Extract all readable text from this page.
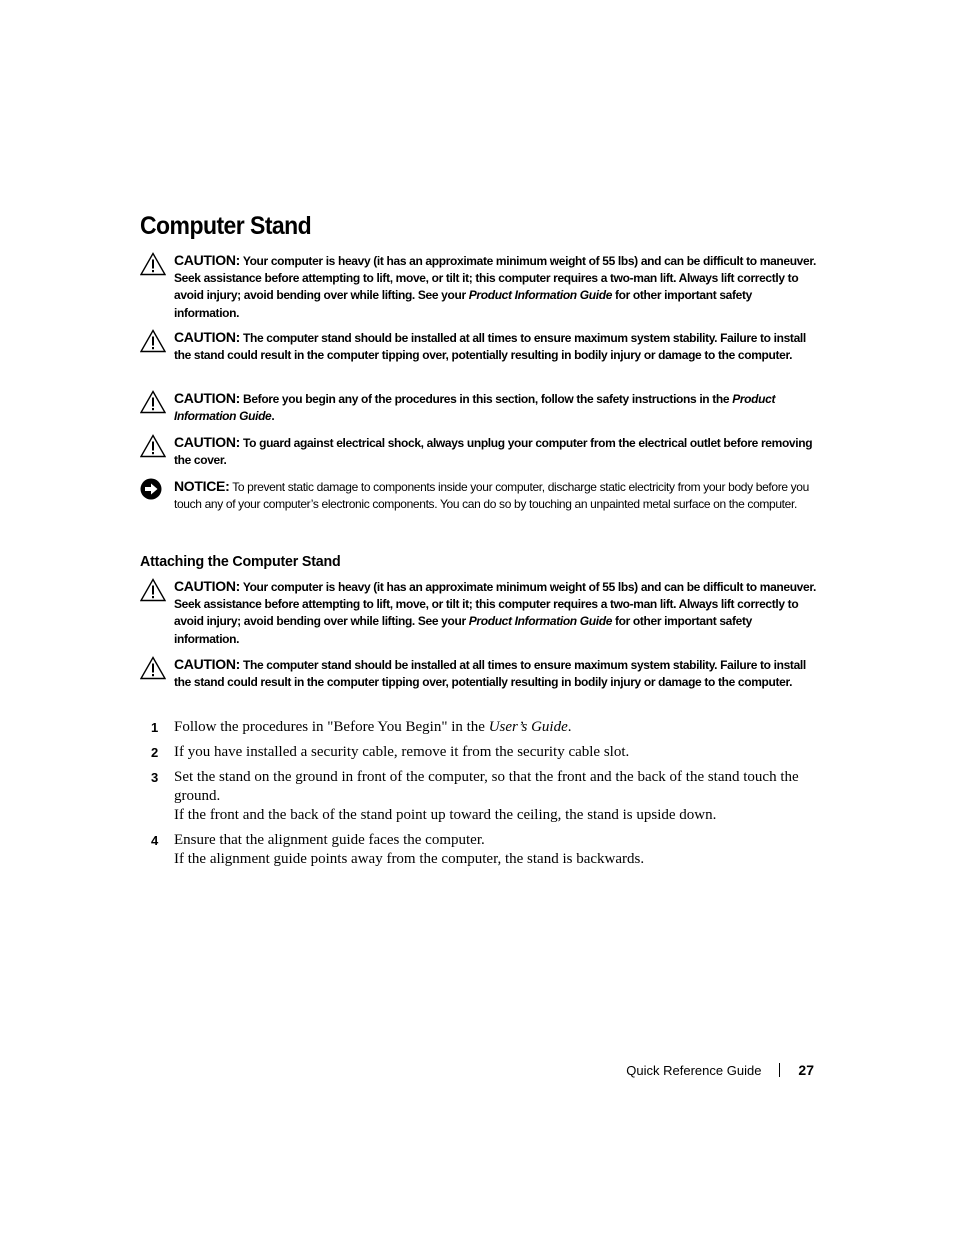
Computer Stand
CAUTION: Your computer is heavy (it has an approximate minimum weight of 55 lbs) and can be difficult to maneuver. Seek assistance before attempting to lift, move, or tilt it; this computer requires a two-man lift. Always lift correctly to avoid injury; avoid bending over while lifting. See your Product Information Guide for other important safety information.
CAUTION: The computer stand should be installed at all times to ensure maximum system stability. Failure to install the stand could result in the computer tipping over, potentially resulting in bodily injury or damage to the computer.
CAUTION: Before you begin any of the procedures in this section, follow the safety instructions in the Product Information Guide.
CAUTION: To guard against electrical shock, always unplug your computer from the electrical outlet before removing the cover.
NOTICE: To prevent static damage to components inside your computer, discharge static electricity from your body before you touch any of your computer’s electronic components. You can do so by touching an unpainted metal surface on the computer.
Attaching the Computer Stand
CAUTION: Your computer is heavy (it has an approximate minimum weight of 55 lbs) and can be difficult to maneuver. Seek assistance before attempting to lift, move, or tilt it; this computer requires a two-man lift. Always lift correctly to avoid injury; avoid bending over while lifting. See your Product Information Guide for other important safety information.
CAUTION: The computer stand should be installed at all times to ensure maximum system stability. Failure to install the stand could result in the computer tipping over, potentially resulting in bodily injury or damage to the computer.
1 Follow the procedures in "Before You Begin" in the User’s Guide.
2 If you have installed a security cable, remove it from the security cable slot.
3 Set the stand on the ground in front of the computer, so that the front and the back of the stand touch the ground.
If the front and the back of the stand point up toward the ceiling, the stand is upside down.
4 Ensure that the alignment guide faces the computer.
If the alignment guide points away from the computer, the stand is backwards.
Quick Reference Guide	27
